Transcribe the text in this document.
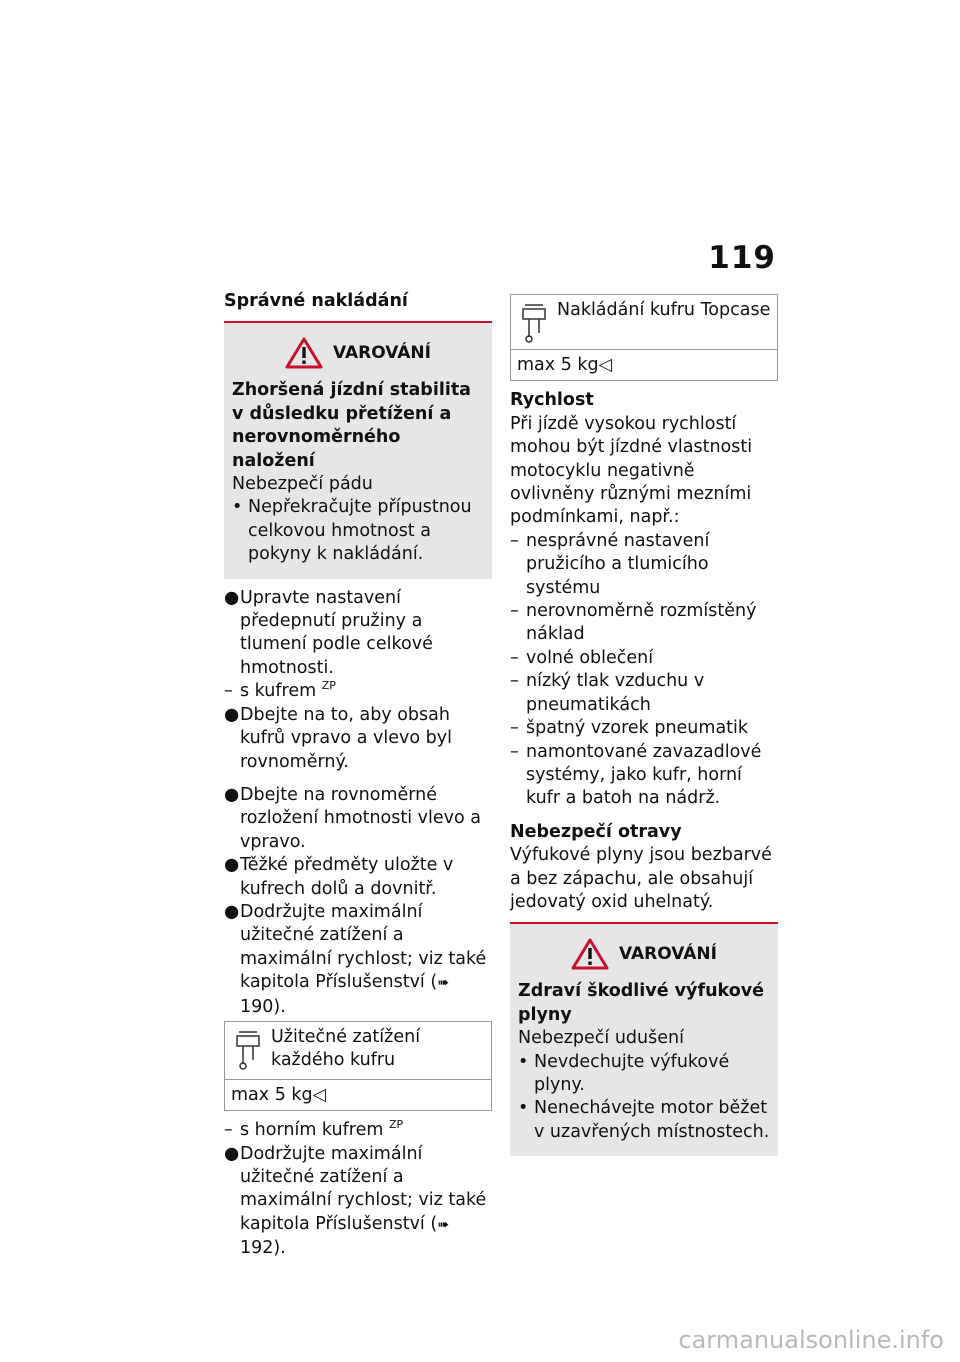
119
Správné nakládání
VAROVÁNÍ
Zhoršená jízdní stabilita v důsledku přetížení a nerovnoměrného naložení
Nebezpečí pádu
• Nepřekračujte přípustnou celkovou hmotnost a pokyny k nakládání.
● Upravte nastavení předepnutí pružiny a tlumení podle celkové hmotnosti.
– s kufrem $^{ZP}$
● Dbejte na to, aby obsah kufrů vpravo a vlevo byl rovnoměrný.
● Dbejte na rovnoměrné rozložení hmotnosti vlevo a vpravo.
● Těžké předměty uložte v kufrech dolů a dovnitř.
● Dodržujte maximální užitečné zatížení a maximální rychlost; viz také kapitola Příslušenství (➠ 190).
Užitečné zatížení každého kufru
max 5 kg◁
– s horním kufrem $^{ZP}$
● Dodržujte maximální užitečné zatížení a maximální rychlost; viz také kapitola Příslušenství (➠ 192).
Nakládání kufru Topcase
max 5 kg◁
Rychlost
Při jízdě vysokou rychlostí mohou být jízdné vlastnosti motocyklu negativně ovlivněny různými mezními podmínkami, např.:
– nesprávné nastavení pružicího a tlumicího systému
– nerovnoměrně rozmístěný náklad
– volné oblečení
– nízký tlak vzduchu v pneumatikách
– špatný vzorek pneumatik
– namontované zavazadlové systémy, jako kufr, horní kufr a batoh na nádrž.
Nebezpečí otravy
Výfukové plyny jsou bezbarvé a bez zápachu, ale obsahují jedovatý oxid uhelnatý.
VAROVÁNÍ
Zdraví škodlivé výfukové plyny
Nebezpečí udušení
• Nevdechujte výfukové plyny.
• Nenechávejte motor běžet v uzavřených místnostech.
carmanualsonline.info
